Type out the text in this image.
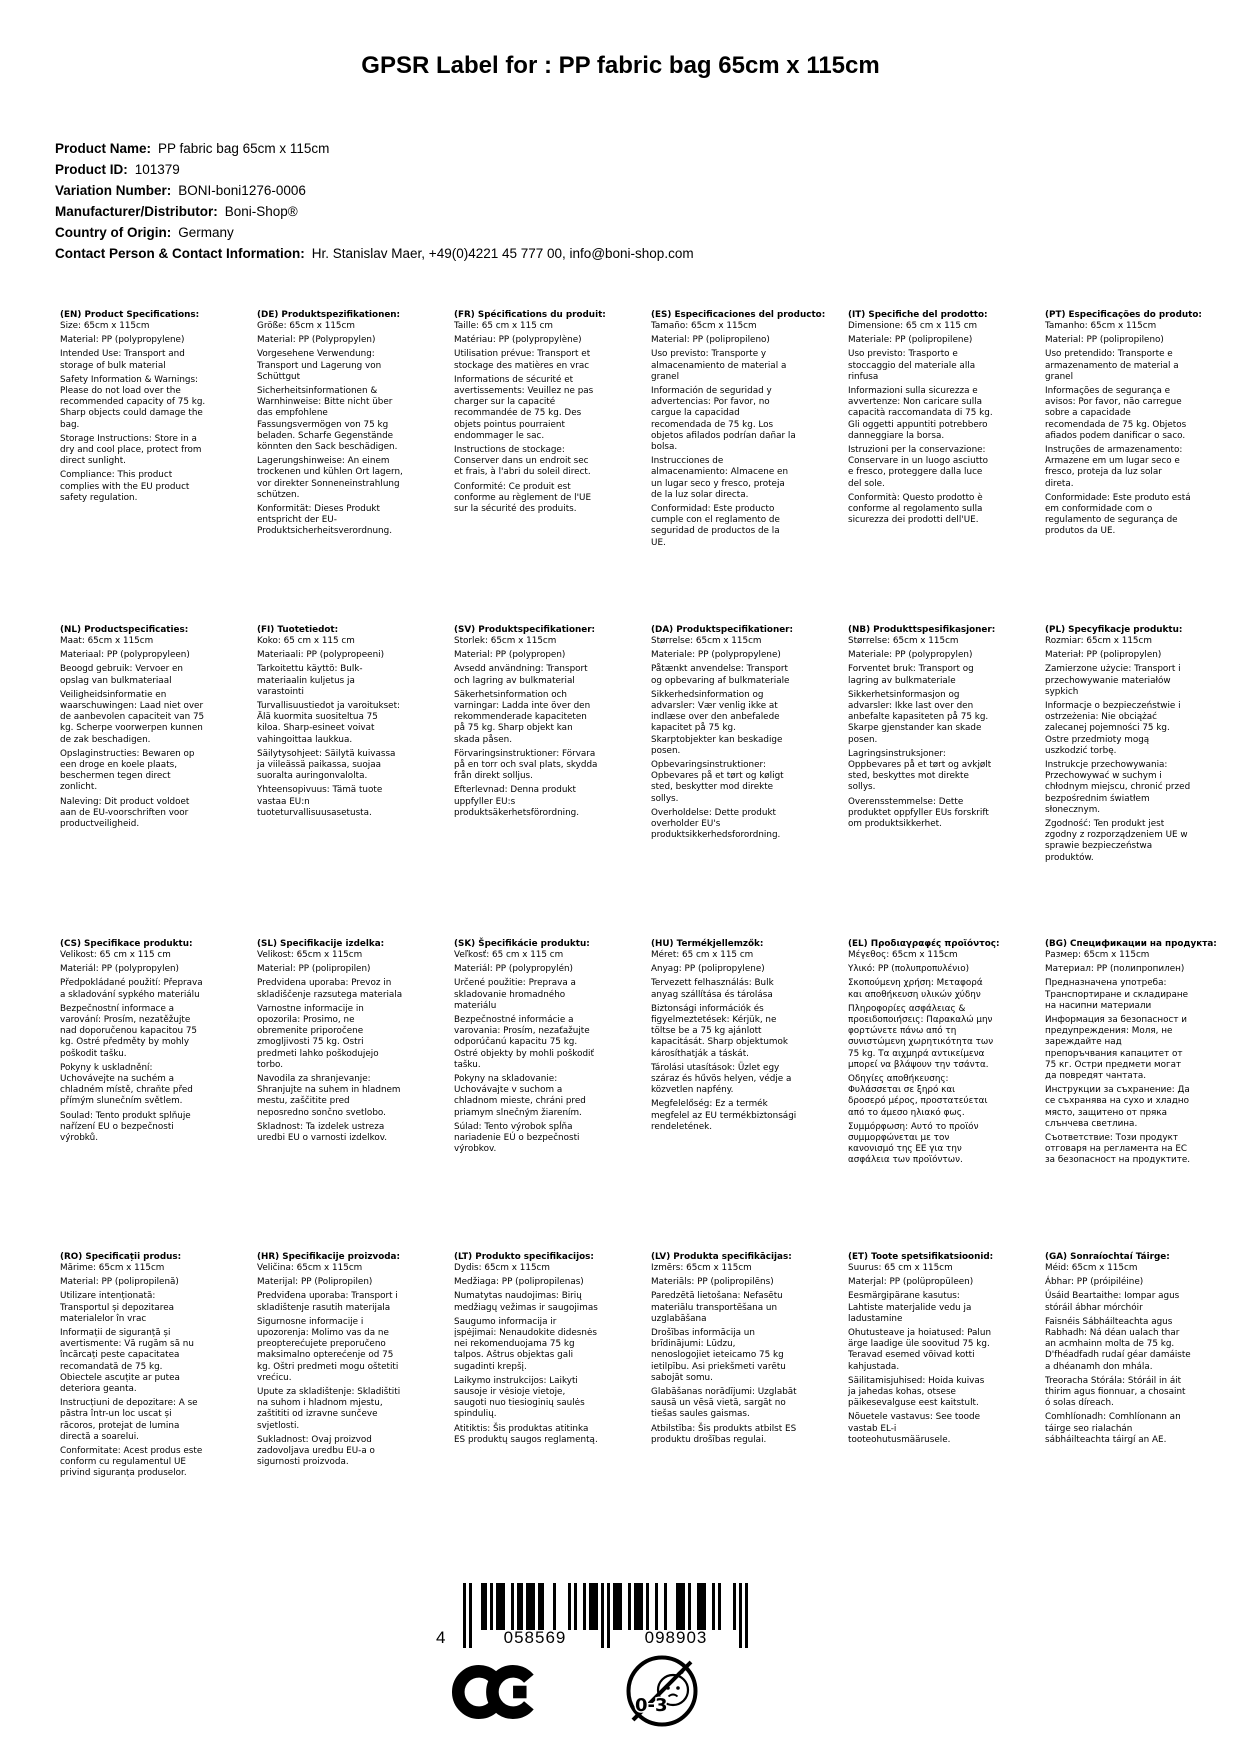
GPSR Label for : PP fabric bag 65cm x 115cm
Product Name: PP fabric bag 65cm x 115cm
Product ID: 101379
Variation Number: BONI-boni1276-0006
Manufacturer/Distributor: Boni-Shop®
Country of Origin: Germany
Contact Person & Contact Information: Hr. Stanislav Maer, +49(0)4221 45 777 00, info@boni-shop.com
(EN) Product Specifications:

Size: 65cm x 115cm

Material: PP (polypropylene)

Intended Use: Transport and storage of bulk material

Safety Information & Warnings: Please do not load over the recommended capacity of 75 kg. Sharp objects could damage the bag.

Storage Instructions: Store in a dry and cool place, protect from direct sunlight.

Compliance: This product complies with the EU product safety regulation.

(DE) Produktspezifikationen:

Größe: 65cm x 115cm

Material: PP (Polypropylen)

Vorgesehene Verwendung: Transport und Lagerung von Schüttgut

Sicherheitsinformationen & Warnhinweise: Bitte nicht über das empfohlene Fassungsvermögen von 75 kg beladen. Scharfe Gegenstände könnten den Sack beschädigen.

Lagerungshinweise: An einem trockenen und kühlen Ort lagern, vor direkter Sonneneinstrahlung schützen.

Konformität: Dieses Produkt entspricht der EU-Produktsicherheitsverordnung.

(FR) Spécifications du produit:

Taille: 65 cm x 115 cm

Matériau: PP (polypropylène)

Utilisation prévue: Transport et stockage des matières en vrac

Informations de sécurité et avertissements: Veuillez ne pas charger sur la capacité recommandée de 75 kg. Des objets pointus pourraient endommager le sac.

Instructions de stockage: Conserver dans un endroit sec et frais, à l'abri du soleil direct.

Conformité: Ce produit est conforme au règlement de l'UE sur la sécurité des produits.

(ES) Especificaciones del producto:

Tamaño: 65cm x 115cm

Material: PP (polipropileno)

Uso previsto: Transporte y almacenamiento de material a granel

Información de seguridad y advertencias: Por favor, no cargue la capacidad recomendada de 75 kg. Los objetos afilados podrían dañar la bolsa.

Instrucciones de almacenamiento: Almacene en un lugar seco y fresco, proteja de la luz solar directa.

Conformidad: Este producto cumple con el reglamento de seguridad de productos de la UE.

(IT) Specifiche del prodotto:

Dimensione: 65 cm x 115 cm

Materiale: PP (polipropilene)

Uso previsto: Trasporto e stoccaggio del materiale alla rinfusa

Informazioni sulla sicurezza e avvertenze: Non caricare sulla capacità raccomandata di 75 kg. Gli oggetti appuntiti potrebbero danneggiare la borsa.

Istruzioni per la conservazione: Conservare in un luogo asciutto e fresco, proteggere dalla luce del sole.

Conformità: Questo prodotto è conforme al regolamento sulla sicurezza dei prodotti dell'UE.

(PT) Especificações do produto:

Tamanho: 65cm x 115cm

Material: PP (polipropileno)

Uso pretendido: Transporte e armazenamento de material a granel

Informações de segurança e avisos: Por favor, não carregue sobre a capacidade recomendada de 75 kg. Objetos afiados podem danificar o saco.

Instruções de armazenamento: Armazene em um lugar seco e fresco, proteja da luz solar direta.

Conformidade: Este produto está em conformidade com o regulamento de segurança de produtos da UE.

(NL) Productspecificaties:

Maat: 65cm x 115cm

Materiaal: PP (polypropyleen)

Beoogd gebruik: Vervoer en opslag van bulkmateriaal

Veiligheidsinformatie en waarschuwingen: Laad niet over de aanbevolen capaciteit van 75 kg. Scherpe voorwerpen kunnen de zak beschadigen.

Opslaginstructies: Bewaren op een droge en koele plaats, beschermen tegen direct zonlicht.

Naleving: Dit product voldoet aan de EU-voorschriften voor productveiligheid.

(FI) Tuotetiedot:

Koko: 65 cm x 115 cm

Materiaali: PP (polypropeeni)

Tarkoitettu käyttö: Bulk-materiaalin kuljetus ja varastointi

Turvallisuustiedot ja varoitukset: Älä kuormita suositeltua 75 kiloa. Sharp-esineet voivat vahingoittaa laukkua.

Säilytysohjeet: Säilytä kuivassa ja viileässä paikassa, suojaa suoralta auringonvalolta.

Yhteensopivuus: Tämä tuote vastaa EU:n tuoteturvallisuusasetusta.

(SV) Produktspecifikationer:

Storlek: 65cm x 115cm

Material: PP (polypropen)

Avsedd användning: Transport och lagring av bulkmaterial

Säkerhetsinformation och varningar: Ladda inte över den rekommenderade kapaciteten på 75 kg. Sharp objekt kan skada påsen.

Förvaringsinstruktioner: Förvara på en torr och sval plats, skydda från direkt solljus.

Efterlevnad: Denna produkt uppfyller EU:s produktsäkerhetsförordning.

(DA) Produktspecifikationer:

Størrelse: 65cm x 115cm

Materiale: PP (polypropylene)

Påtænkt anvendelse: Transport og opbevaring af bulkmateriale

Sikkerhedsinformation og advarsler: Vær venlig ikke at indlæse over den anbefalede kapacitet på 75 kg. Skarptobjekter kan beskadige posen.

Opbevaringsinstruktioner: Opbevares på et tørt og køligt sted, beskytter mod direkte sollys.

Overholdelse: Dette produkt overholder EU's produktsikkerhedsforordning.

(NB) Produkttspesifikasjoner:

Størrelse: 65cm x 115cm

Materiale: PP (polypropylen)

Forventet bruk: Transport og lagring av bulkmateriale

Sikkerhetsinformasjon og advarsler: Ikke last over den anbefalte kapasiteten på 75 kg. Skarpe gjenstander kan skade posen.

Lagringsinstruksjoner: Oppbevares på et tørt og avkjølt sted, beskyttes mot direkte sollys.

Overensstemmelse: Dette produktet oppfyller EUs forskrift om produktsikkerhet.

(PL) Specyfikacje produktu:

Rozmiar: 65cm x 115cm

Materiał: PP (polipropylen)

Zamierzone użycie: Transport i przechowywanie materiałów sypkich

Informacje o bezpieczeństwie i ostrzeżenia: Nie obciążać zalecanej pojemności 75 kg. Ostre przedmioty mogą uszkodzić torbę.

Instrukcje przechowywania: Przechowywać w suchym i chłodnym miejscu, chronić przed bezpośrednim światłem słonecznym.

Zgodność: Ten produkt jest zgodny z rozporządzeniem UE w sprawie bezpieczeństwa produktów.

(CS) Specifikace produktu:

Velikost: 65 cm x 115 cm

Materiál: PP (polypropylen)

Předpokládané použití: Přeprava a skladování sypkého materiálu

Bezpečnostní informace a varování: Prosím, nezatěžujte nad doporučenou kapacitou 75 kg. Ostré předměty by mohly poškodit tašku.

Pokyny k uskladnění: Uchovávejte na suchém a chladném místě, chraňte před přímým slunečním světlem.

Soulad: Tento produkt splňuje nařízení EU o bezpečnosti výrobků.

(SL) Specifikacije izdelka:

Velikost: 65cm x 115cm

Material: PP (polipropilen)

Predvidena uporaba: Prevoz in skladiščenje razsutega materiala

Varnostne informacije in opozorila: Prosimo, ne obremenite priporočene zmogljivosti 75 kg. Ostri predmeti lahko poškodujejo torbo.

Navodila za shranjevanje: Shranjujte na suhem in hladnem mestu, zaščitite pred neposredno sončno svetlobo.

Skladnost: Ta izdelek ustreza uredbi EU o varnosti izdelkov.

(SK) Špecifikácie produktu:

Veľkosť: 65 cm x 115 cm

Materiál: PP (polypropylén)

Určené použitie: Preprava a skladovanie hromadného materiálu

Bezpečnostné informácie a varovania: Prosím, nezaťažujte odporúčanú kapacitu 75 kg. Ostré objekty by mohli poškodiť tašku.

Pokyny na skladovanie: Uchovávajte v suchom a chladnom mieste, chráni pred priamym slnečným žiarením.

Súlad: Tento výrobok spĺňa nariadenie EÚ o bezpečnosti výrobkov.

(HU) Termékjellemzők:

Méret: 65 cm x 115 cm

Anyag: PP (polipropylene)

Tervezett felhasználás: Bulk anyag szállítása és tárolása

Biztonsági információk és figyelmeztetések: Kérjük, ne töltse be a 75 kg ajánlott kapacitását. Sharp objektumok károsíthatják a táskát.

Tárolási utasítások: Üzlet egy száraz és hűvös helyen, védje a közvetlen napfény.

Megfelelőség: Ez a termék megfelel az EU termékbiztonsági rendeletének.

(EL) Προδιαγραφές προϊόντος:

Μέγεθος: 65cm x 115cm

Υλικό: PP (πολυπροπυλένιο)

Σκοπούμενη χρήση: Μεταφορά και αποθήκευση υλικών χύδην

Πληροφορίες ασφάλειας & προειδοποιήσεις: Παρακαλώ μην φορτώνετε πάνω από τη συνιστώμενη χωρητικότητα των 75 kg. Τα αιχμηρά αντικείμενα μπορεί να βλάψουν την τσάντα.

Οδηγίες αποθήκευσης: Φυλάσσεται σε ξηρό και δροσερό μέρος, προστατεύεται από το άμεσο ηλιακό φως.

Συμμόρφωση: Αυτό το προϊόν συμμορφώνεται με τον κανονισμό της ΕΕ για την ασφάλεια των προϊόντων.

(BG) Спецификации на продукта:

Размер: 65cm x 115cm

Материал: PP (полипропилен)

Предназначена употреба: Транспортиране и складиране на насипни материали

Информация за безопасност и предупреждения: Моля, не зареждайте над препоръчвания капацитет от 75 кг. Остри предмети могат да повредят чантата.

Инструкции за съхранение: Да се съхранява на сухо и хладно място, защитено от пряка слънчева светлина.

Съответствие: Този продукт отговаря на регламента на ЕС за безопасност на продуктите.

(RO) Specificații produs:

Mărime: 65cm x 115cm

Material: PP (polipropilenă)

Utilizare intenționată: Transportul și depozitarea materialelor în vrac

Informații de siguranță și avertismente: Vă rugăm să nu încărcați peste capacitatea recomandată de 75 kg. Obiectele ascuțite ar putea deteriora geanta.

Instrucțiuni de depozitare: A se păstra într-un loc uscat și răcoros, protejat de lumina directă a soarelui.

Conformitate: Acest produs este conform cu regulamentul UE privind siguranța produselor.

(HR) Specifikacije proizvoda:

Veličina: 65cm x 115cm

Materijal: PP (Polipropilen)

Predviđena uporaba: Transport i skladištenje rasutih materijala

Sigurnosne informacije i upozorenja: Molimo vas da ne preopterećujete preporučeno maksimalno opterećenje od 75 kg. Oštri predmeti mogu oštetiti vrećicu.

Upute za skladištenje: Skladištiti na suhom i hladnom mjestu, zaštititi od izravne sunčeve svjetlosti.

Sukladnost: Ovaj proizvod zadovoljava uredbu EU-a o sigurnosti proizvoda.

(LT) Produkto specifikacijos:

Dydis: 65cm x 115cm

Medžiaga: PP (polipropilenas)

Numatytas naudojimas: Birių medžiagų vežimas ir saugojimas

Saugumo informacija ir įspėjimai: Nenaudokite didesnės nei rekomenduojama 75 kg talpos. Aštrus objektas gali sugadinti krepšį.

Laikymo instrukcijos: Laikyti sausoje ir vėsioje vietoje, saugoti nuo tiesioginių saulės spindulių.

Atitiktis: Šis produktas atitinka ES produktų saugos reglamentą.

(LV) Produkta specifikācijas:

Izmērs: 65cm x 115cm

Materiāls: PP (polipropilēns)

Paredzētā lietošana: Nefasētu materiālu transportēšana un uzglabāšana

Drošības informācija un brīdinājumi: Lūdzu, nenoslogojiet ieteicamo 75 kg ietilpību. Asi priekšmeti varētu sabojāt somu.

Glabāšanas norādījumi: Uzglabāt sausā un vēsā vietā, sargāt no tiešas saules gaismas.

Atbilstība: Šis produkts atbilst ES produktu drošības regulai.

(ET) Toote spetsifikatsioonid:

Suurus: 65 cm x 115cm

Materjal: PP (polüpropüleen)

Eesmärgipärane kasutus: Lahtiste materjalide vedu ja ladustamine

Ohutusteave ja hoiatused: Palun ärge laadige üle soovitud 75 kg. Teravad esemed võivad kotti kahjustada.

Säilitamisjuhised: Hoida kuivas ja jahedas kohas, otsese päikesevalguse eest kaitstult.

Nõuetele vastavus: See toode vastab EL-i tooteohutusmäärusele.

(GA) Sonraíochtaí Táirge:

Méid: 65cm x 115cm

Ábhar: PP (próipiléine)

Úsáid Beartaithe: Iompar agus stóráil ábhar mórchóir

Faisnéis Sábháilteachta agus Rabhadh: Ná déan ualach thar an acmhainn molta de 75 kg. D'fhéadfadh rudaí géar damáiste a dhéanamh don mhála.

Treoracha Stórála: Stóráil in áit thirim agus fionnuar, a chosaint ó solas díreach.

Comhlíonadh: Comhlíonann an táirge seo rialachán sábháilteachta táirgí an AE.

4	058569	098903
0-3
